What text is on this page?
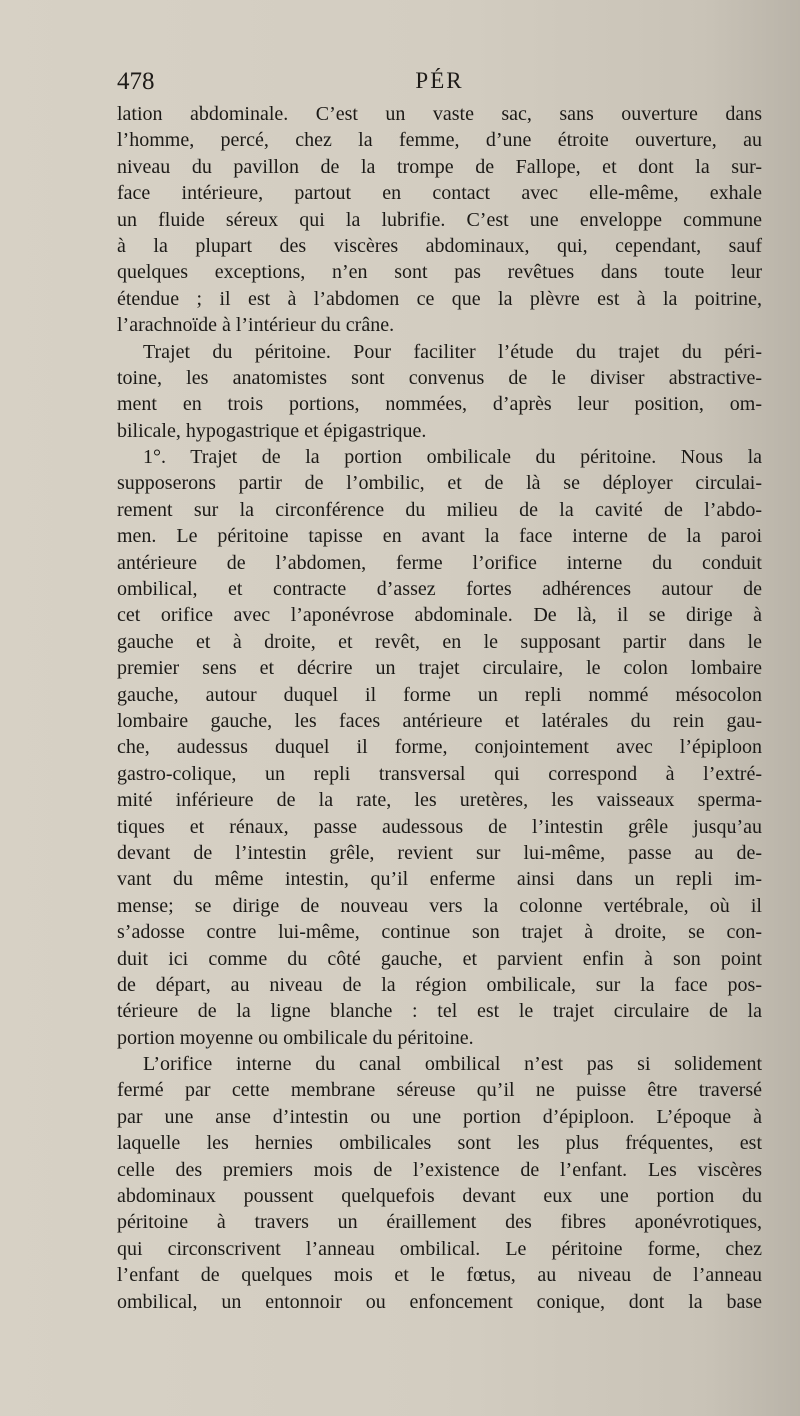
478	PÉR
lation abdominale. C’est un vaste sac, sans ouverture dans
l’homme, percé, chez la femme, d’une étroite ouverture, au
niveau du pavillon de la trompe de Fallope, et dont la sur-
face intérieure, partout en contact avec elle-même, exhale
un fluide séreux qui la lubrifie. C’est une enveloppe commune
à la plupart des viscères abdominaux, qui, cependant, sauf
quelques exceptions, n’en sont pas revêtues dans toute leur
étendue ; il est à l’abdomen ce que la plèvre est à la poitrine,
l’arachnoïde à l’intérieur du crâne.
Trajet du péritoine. Pour faciliter l’étude du trajet du péri-
toine, les anatomistes sont convenus de le diviser abstractive-
ment en trois portions, nommées, d’après leur position, om-
bilicale, hypogastrique et épigastrique.
1°. Trajet de la portion ombilicale du péritoine. Nous la
supposerons partir de l’ombilic, et de là se déployer circulai-
rement sur la circonférence du milieu de la cavité de l’abdo-
men. Le péritoine tapisse en avant la face interne de la paroi
antérieure de l’abdomen, ferme l’orifice interne du conduit
ombilical, et contracte d’assez fortes adhérences autour de
cet orifice avec l’aponévrose abdominale. De là, il se dirige à
gauche et à droite, et revêt, en le supposant partir dans le
premier sens et décrire un trajet circulaire, le colon lombaire
gauche, autour duquel il forme un repli nommé mésocolon
lombaire gauche, les faces antérieure et latérales du rein gau-
che, audessus duquel il forme, conjointement avec l’épiploon
gastro-colique, un repli transversal qui correspond à l’extré-
mité inférieure de la rate, les uretères, les vaisseaux sperma-
tiques et rénaux, passe audessous de l’intestin grêle jusqu’au
devant de l’intestin grêle, revient sur lui-même, passe au de-
vant du même intestin, qu’il enferme ainsi dans un repli im-
mense; se dirige de nouveau vers la colonne vertébrale, où il
s’adosse contre lui-même, continue son trajet à droite, se con-
duit ici comme du côté gauche, et parvient enfin à son point
de départ, au niveau de la région ombilicale, sur la face pos-
térieure de la ligne blanche : tel est le trajet circulaire de la
portion moyenne ou ombilicale du péritoine.
L’orifice interne du canal ombilical n’est pas si solidement
fermé par cette membrane séreuse qu’il ne puisse être traversé
par une anse d’intestin ou une portion d’épiploon. L’époque à
laquelle les hernies ombilicales sont les plus fréquentes, est
celle des premiers mois de l’existence de l’enfant. Les viscères
abdominaux poussent quelquefois devant eux une portion du
péritoine à travers un éraillement des fibres aponévrotiques,
qui circonscrivent l’anneau ombilical. Le péritoine forme, chez
l’enfant de quelques mois et le fœtus, au niveau de l’anneau
ombilical, un entonnoir ou enfoncement conique, dont la base
